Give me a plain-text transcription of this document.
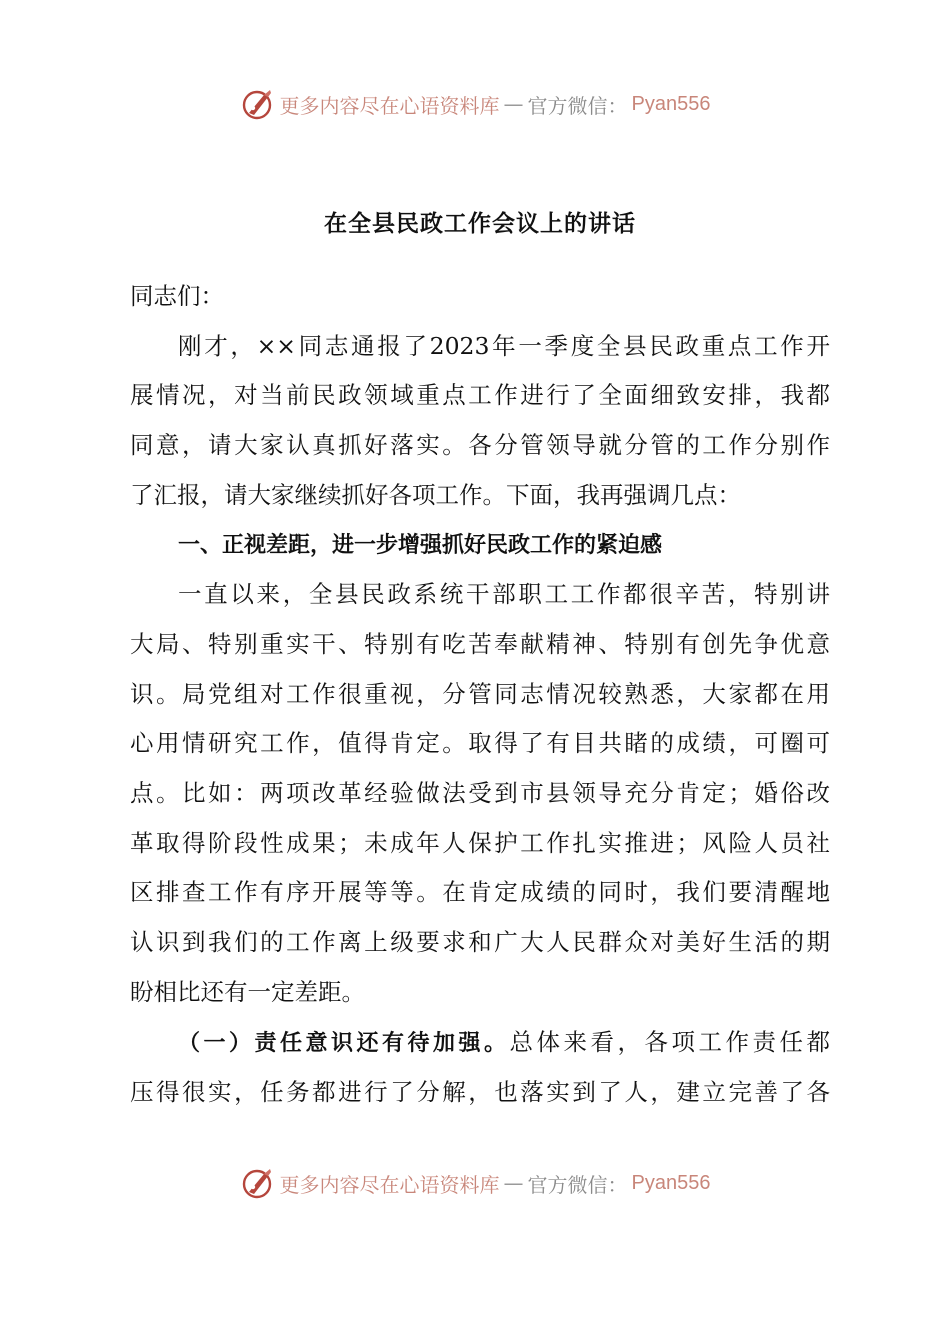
更多内容尽在心语资料库 — 官方微信： Pyan556
在全县民政工作会议上的讲话

同志们：

刚才，××同志通报了2023年一季度全县民政重点工作开

展情况，对当前民政领域重点工作进行了全面细致安排，我都

同意，请大家认真抓好落实。各分管领导就分管的工作分别作

了汇报，请大家继续抓好各项工作。下面，我再强调几点：

一、正视差距，进一步增强抓好民政工作的紧迫感

一直以来，全县民政系统干部职工工作都很辛苦，特别讲

大局、特别重实干、特别有吃苦奉献精神、特别有创先争优意

识。局党组对工作很重视，分管同志情况较熟悉，大家都在用

心用情研究工作，值得肯定。取得了有目共睹的成绩，可圈可

点。比如：两项改革经验做法受到市县领导充分肯定；婚俗改

革取得阶段性成果；未成年人保护工作扎实推进；风险人员社

区排查工作有序开展等等。在肯定成绩的同时，我们要清醒地

认识到我们的工作离上级要求和广大人民群众对美好生活的期

盼相比还有一定差距。

（一）责任意识还有待加强。总体来看，各项工作责任都

压得很实，任务都进行了分解，也落实到了人，建立完善了各

更多内容尽在心语资料库 — 官方微信： Pyan556
